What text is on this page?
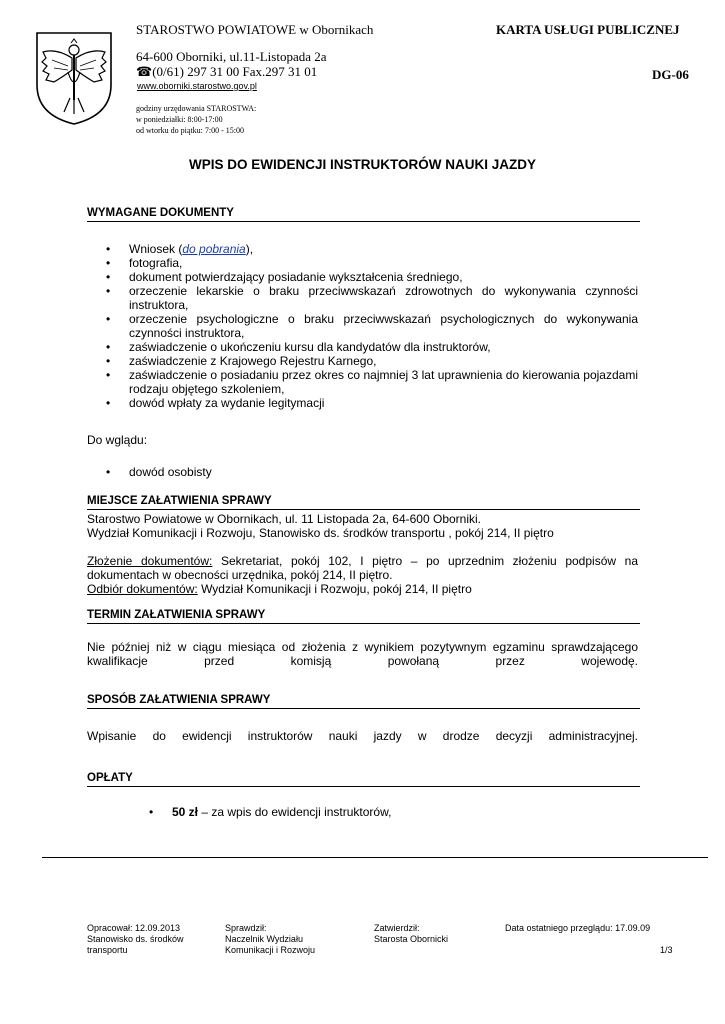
STAROSTWO POWIATOWE w Obornikach	KARTA USŁUGI PUBLICZNEJ
64-600 Oborniki, ul.11-Listopada 2a
☎(0/61) 297 31 00 Fax.297 31 01
www.oborniki.starostwo.gov.pl
DG-06
godziny urzędowania STAROSTWA:
w poniedziałki: 8:00-17:00
od wtorku do piątku: 7:00 - 15:00
WPIS DO EWIDENCJI INSTRUKTORÓW NAUKI JAZDY
WYMAGANE DOKUMENTY
• Wniosek (do pobrania),
• fotografia,
• dokument potwierdzający posiadanie wykształcenia średniego,
• orzeczenie lekarskie o braku przeciwwskazań zdrowotnych do wykonywania czynności instruktora,
• orzeczenie psychologiczne o braku przeciwwskazań psychologicznych do wykonywania czynności instruktora,
• zaświadczenie o ukończeniu kursu dla kandydatów dla instruktorów,
• zaświadczenie z Krajowego Rejestru Karnego,
• zaświadczenie o posiadaniu przez okres co najmniej 3 lat uprawnienia do kierowania pojazdami rodzaju objętego szkoleniem,
• dowód wpłaty za wydanie legitymacji
Do wglądu:
• dowód osobisty
MIEJSCE ZAŁATWIENIA SPRAWY
Starostwo Powiatowe w Obornikach, ul. 11 Listopada 2a, 64-600 Oborniki.
Wydział Komunikacji i Rozwoju, Stanowisko ds. środków transportu , pokój 214, II piętro
Złożenie dokumentów: Sekretariat, pokój 102, I piętro – po uprzednim złożeniu podpisów na dokumentach w obecności urzędnika, pokój 214, II piętro.
Odbiór dokumentów: Wydział Komunikacji i Rozwoju, pokój 214, II piętro
TERMIN ZAŁATWIENIA SPRAWY
Nie później niż w ciągu miesiąca od złożenia z wynikiem pozytywnym egzaminu sprawdzającego kwalifikacje przed komisją powołaną przez wojewodę.
SPOSÓB ZAŁATWIENIA SPRAWY
Wpisanie do ewidencji instruktorów nauki jazdy w drodze decyzji administracyjnej.
OPŁATY
• 50 zł – za wpis do ewidencji instruktorów,
Opracował: 12.09.2013
Stanowisko ds. środków
transportu
Sprawdził:
Naczelnik Wydziału
Komunikacji i Rozwoju
Zatwierdził:
Starosta Obornicki
Data ostatniego przeglądu: 17.09.09
1/3
